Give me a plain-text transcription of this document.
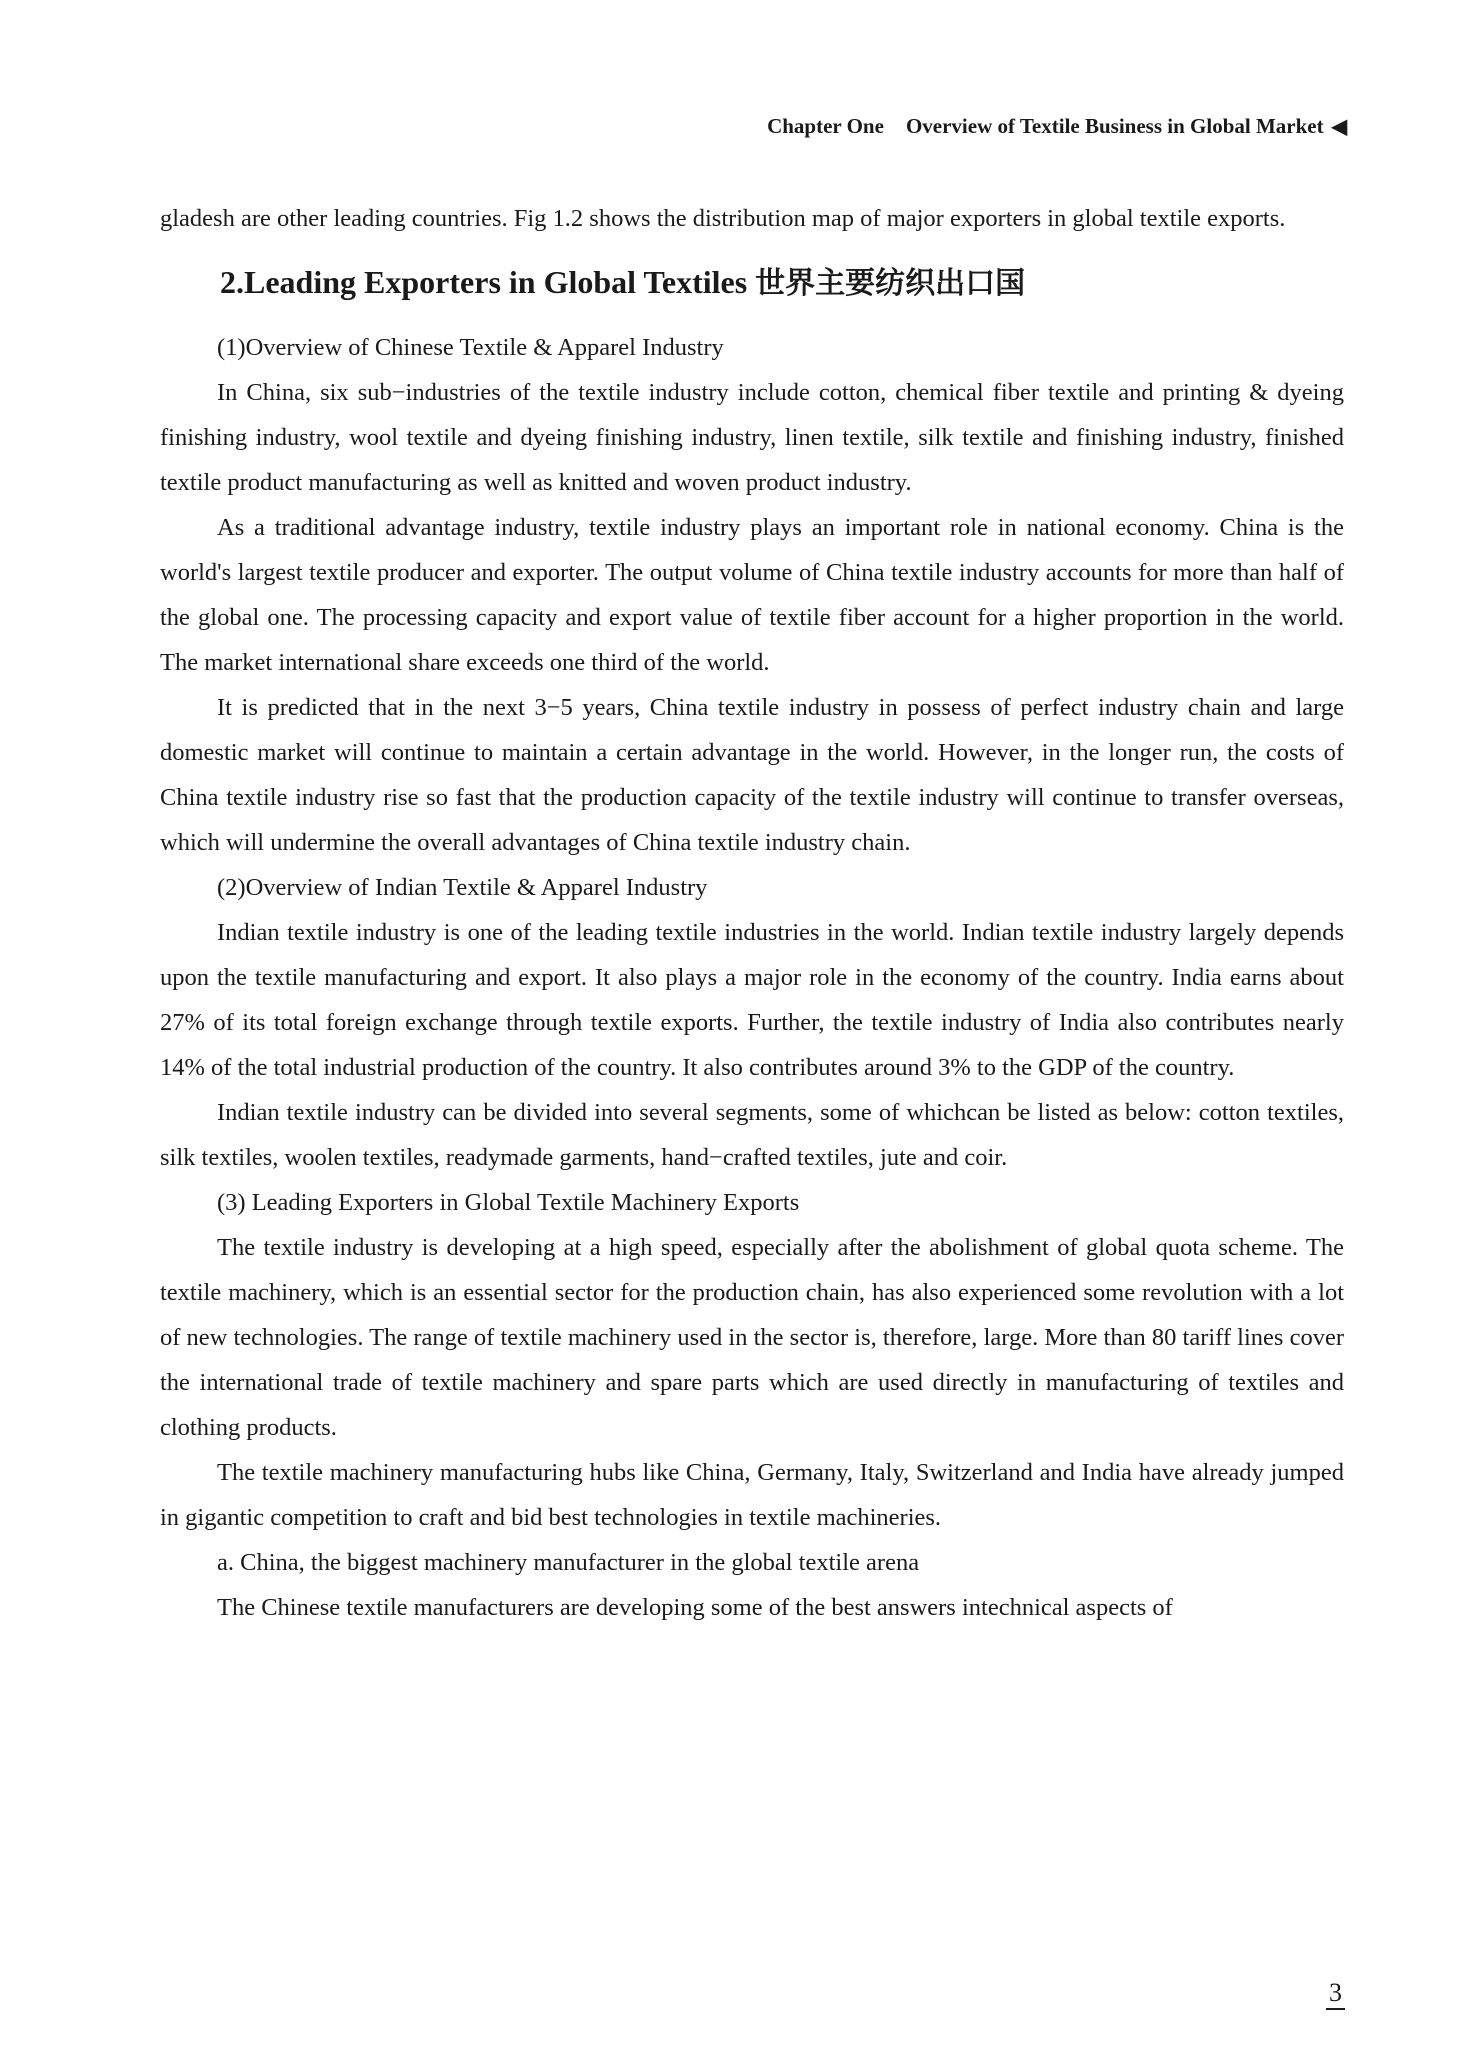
Chapter One Overview of Textile Business in Global Market ◀

gladesh are other leading countries. Fig 1.2 shows the distribution map of major exporters in global textile exports.

2.Leading Exporters in Global Textiles 世界主要纺织出口国

(1)Overview of Chinese Textile & Apparel Industry

In China, six sub−industries of the textile industry include cotton, chemical fiber textile and printing & dyeing finishing industry, wool textile and dyeing finishing industry, linen textile, silk textile and finishing industry, finished textile product manufacturing as well as knitted and woven product industry.

As a traditional advantage industry, textile industry plays an important role in national economy. China is the world's largest textile producer and exporter. The output volume of China textile industry accounts for more than half of the global one. The processing capacity and export value of textile fiber account for a higher proportion in the world. The market international share exceeds one third of the world.

It is predicted that in the next 3−5 years, China textile industry in possess of perfect industry chain and large domestic market will continue to maintain a certain advantage in the world. However, in the longer run, the costs of China textile industry rise so fast that the production capacity of the textile industry will continue to transfer overseas, which will undermine the overall advantages of China textile industry chain.

(2)Overview of Indian Textile & Apparel Industry

Indian textile industry is one of the leading textile industries in the world. Indian textile industry largely depends upon the textile manufacturing and export. It also plays a major role in the economy of the country. India earns about 27% of its total foreign exchange through textile exports. Further, the textile industry of India also contributes nearly 14% of the total industrial production of the country. It also contributes around 3% to the GDP of the country.

Indian textile industry can be divided into several segments, some of whichcan be listed as below: cotton textiles, silk textiles, woolen textiles, readymade garments, hand−crafted textiles, jute and coir.

(3) Leading Exporters in Global Textile Machinery Exports

The textile industry is developing at a high speed, especially after the abolishment of global quota scheme. The textile machinery, which is an essential sector for the production chain, has also experienced some revolution with a lot of new technologies. The range of textile machinery used in the sector is, therefore, large. More than 80 tariff lines cover the international trade of textile machinery and spare parts which are used directly in manufacturing of textiles and clothing products.

The textile machinery manufacturing hubs like China, Germany, Italy, Switzerland and India have already jumped in gigantic competition to craft and bid best technologies in textile machineries.

a. China, the biggest machinery manufacturer in the global textile arena

The Chinese textile manufacturers are developing some of the best answers intechnical aspects of

3
